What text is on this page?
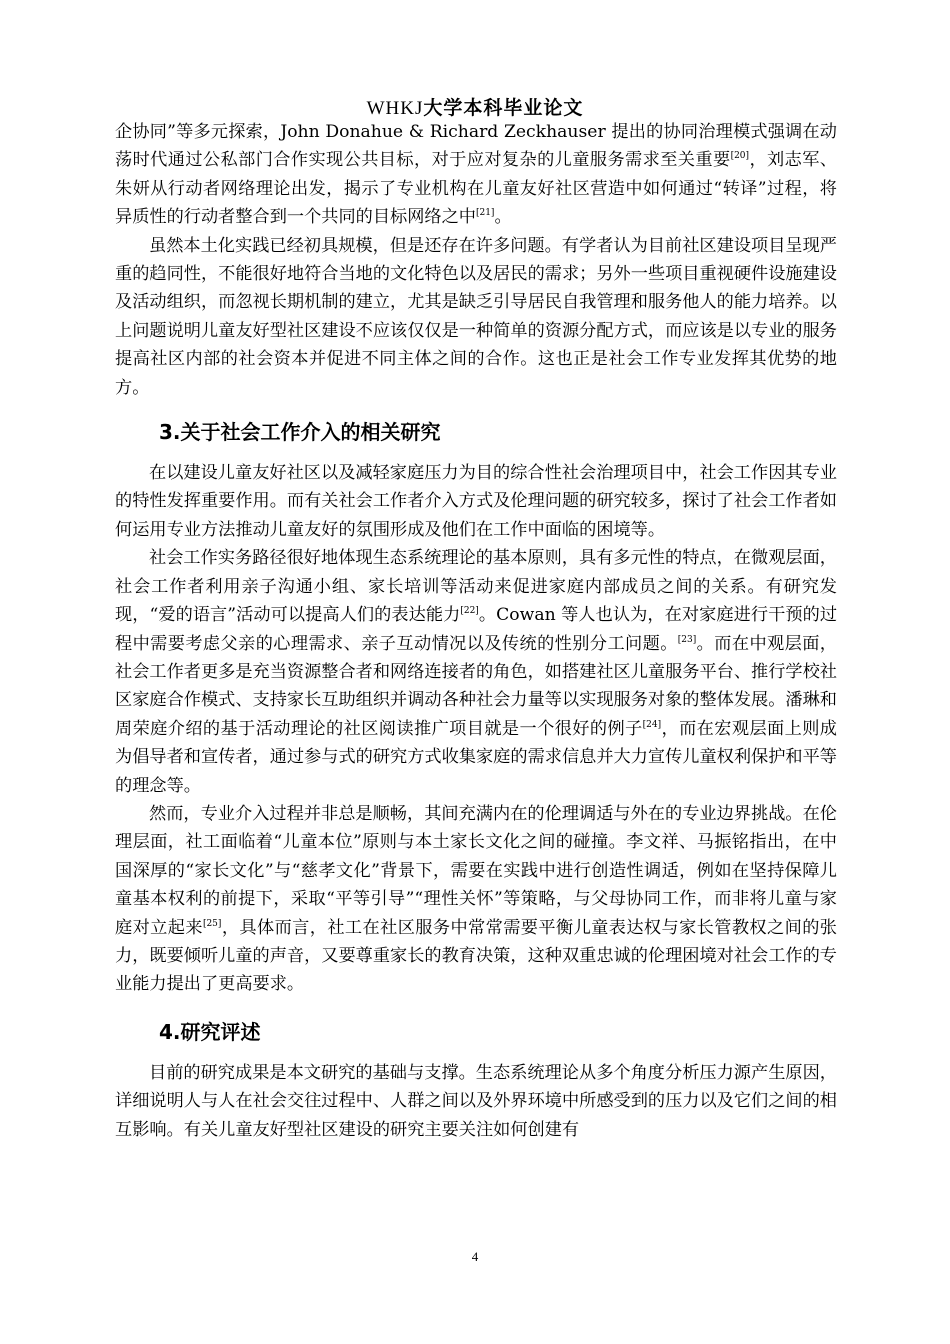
WHKJ大学本科毕业论文

企协同”等多元探索，John Donahue & Richard Zeckhauser 提出的协同治理模式强调在动荡时代通过公私部门合作实现公共目标，对于应对复杂的儿童服务需求至关重要[20]，刘志军、朱妍从行动者网络理论出发，揭示了专业机构在儿童友好社区营造中如何通过“转译”过程，将异质性的行动者整合到一个共同的目标网络之中[21]。

虽然本土化实践已经初具规模，但是还存在许多问题。有学者认为目前社区建设项目呈现严重的趋同性，不能很好地符合当地的文化特色以及居民的需求；另外一些项目重视硬件设施建设及活动组织，而忽视长期机制的建立，尤其是缺乏引导居民自我管理和服务他人的能力培养。以上问题说明儿童友好型社区建设不应该仅仅是一种简单的资源分配方式，而应该是以专业的服务提高社区内部的社会资本并促进不同主体之间的合作。这也正是社会工作专业发挥其优势的地方。

3.关于社会工作介入的相关研究

在以建设儿童友好社区以及减轻家庭压力为目的综合性社会治理项目中，社会工作因其专业的特性发挥重要作用。而有关社会工作者介入方式及伦理问题的研究较多，探讨了社会工作者如何运用专业方法推动儿童友好的氛围形成及他们在工作中面临的困境等。

社会工作实务路径很好地体现生态系统理论的基本原则，具有多元性的特点，在微观层面，社会工作者利用亲子沟通小组、家长培训等活动来促进家庭内部成员之间的关系。有研究发现，“爱的语言”活动可以提高人们的表达能力[22]。Cowan 等人也认为，在对家庭进行干预的过程中需要考虑父亲的心理需求、亲子互动情况以及传统的性别分工问题。[23]。而在中观层面，社会工作者更多是充当资源整合者和网络连接者的角色，如搭建社区儿童服务平台、推行学校社区家庭合作模式、支持家长互助组织并调动各种社会力量等以实现服务对象的整体发展。潘琳和周荣庭介绍的基于活动理论的社区阅读推广项目就是一个很好的例子[24]，而在宏观层面上则成为倡导者和宣传者，通过参与式的研究方式收集家庭的需求信息并大力宣传儿童权利保护和平等的理念等。

然而，专业介入过程并非总是顺畅，其间充满内在的伦理调适与外在的专业边界挑战。在伦理层面，社工面临着“儿童本位”原则与本土家长文化之间的碰撞。李文祥、马振铭指出，在中国深厚的“家长文化”与“慈孝文化”背景下，需要在实践中进行创造性调适，例如在坚持保障儿童基本权利的前提下，采取“平等引导”“理性关怀”等策略，与父母协同工作，而非将儿童与家庭对立起来[25]，具体而言，社工在社区服务中常常需要平衡儿童表达权与家长管教权之间的张力，既要倾听儿童的声音，又要尊重家长的教育决策，这种双重忠诚的伦理困境对社会工作的专业能力提出了更高要求。

4.研究评述

目前的研究成果是本文研究的基础与支撑。生态系统理论从多个角度分析压力源产生原因，详细说明人与人在社会交往过程中、人群之间以及外界环境中所感受到的压力以及它们之间的相互影响。有关儿童友好型社区建设的研究主要关注如何创建有

4
